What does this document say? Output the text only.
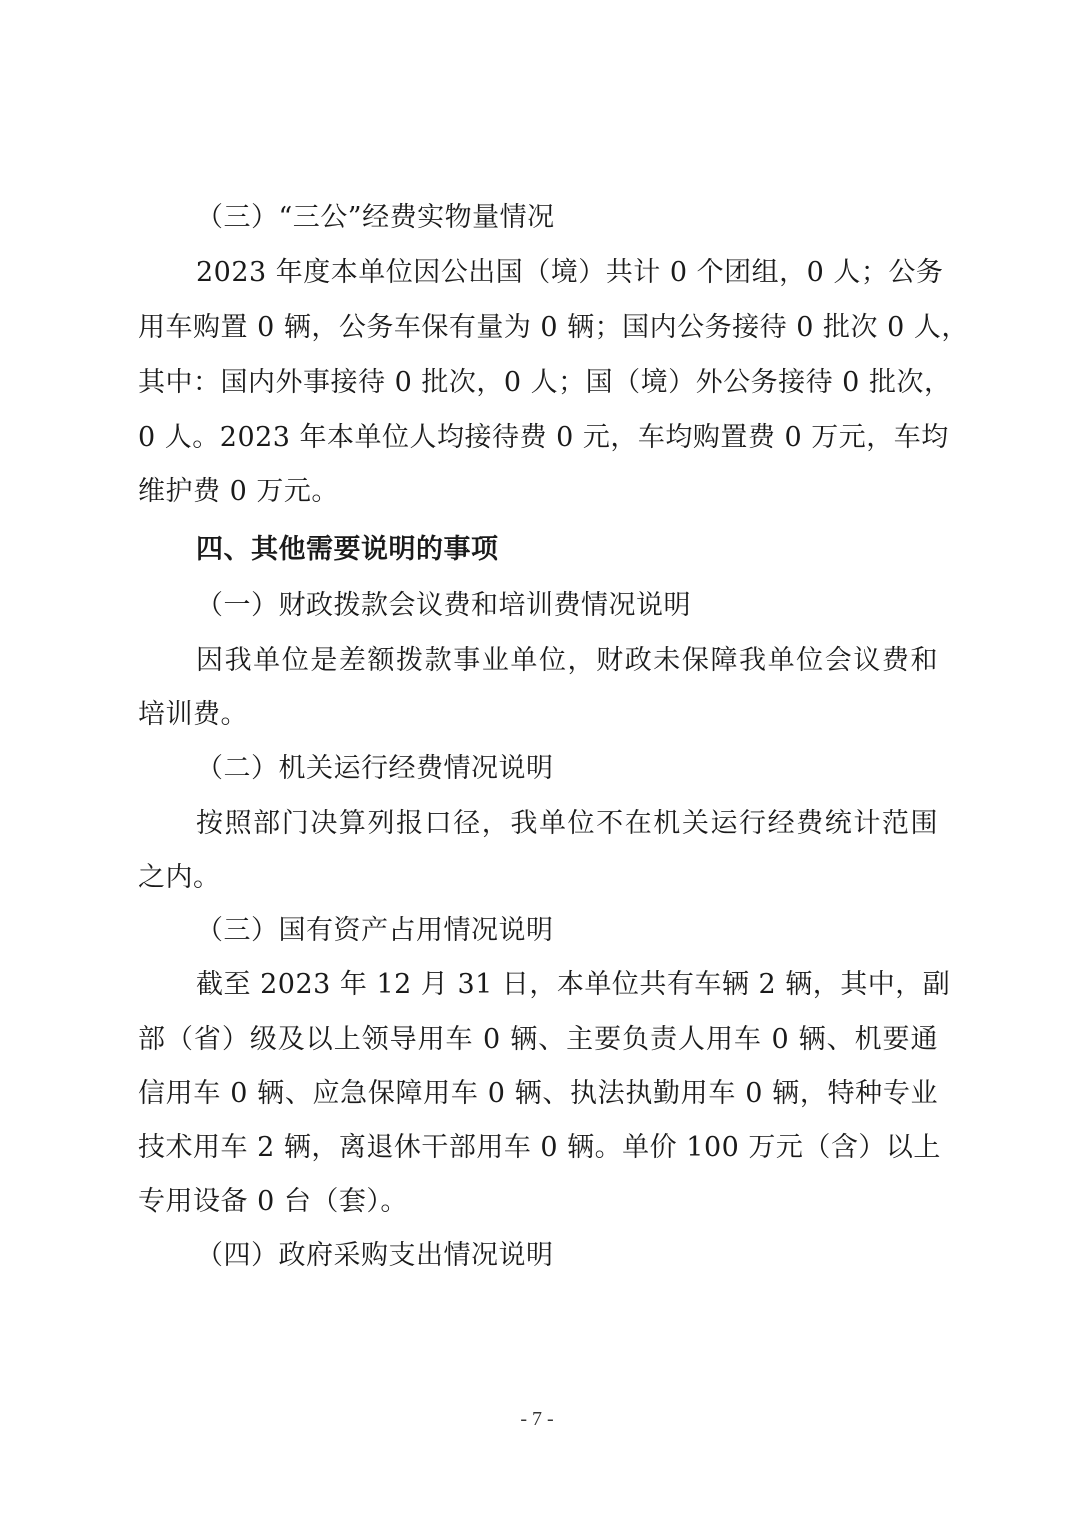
（三）“三公”经费实物量情况
2023 年度本单位因公出国（境）共计 0 个团组，0 人；公务
用车购置 0 辆，公务车保有量为 0 辆；国内公务接待 0 批次 0 人，
其中：国内外事接待 0 批次，0 人；国（境）外公务接待 0 批次，
0 人。2023 年本单位人均接待费 0 元，车均购置费 0 万元，车均
维护费 0 万元。
四、其他需要说明的事项
（一）财政拨款会议费和培训费情况说明
因我单位是差额拨款事业单位，财政未保障我单位会议费和
培训费。
（二）机关运行经费情况说明
按照部门决算列报口径，我单位不在机关运行经费统计范围
之内。
（三）国有资产占用情况说明
截至 2023 年 12 月 31 日，本单位共有车辆 2 辆，其中，副
部（省）级及以上领导用车 0 辆、主要负责人用车 0 辆、机要通
信用车 0 辆、应急保障用车 0 辆、执法执勤用车 0 辆，特种专业
技术用车 2 辆，离退休干部用车 0 辆。单价 100 万元（含）以上
专用设备 0 台（套）。
（四）政府采购支出情况说明
- 7 -
